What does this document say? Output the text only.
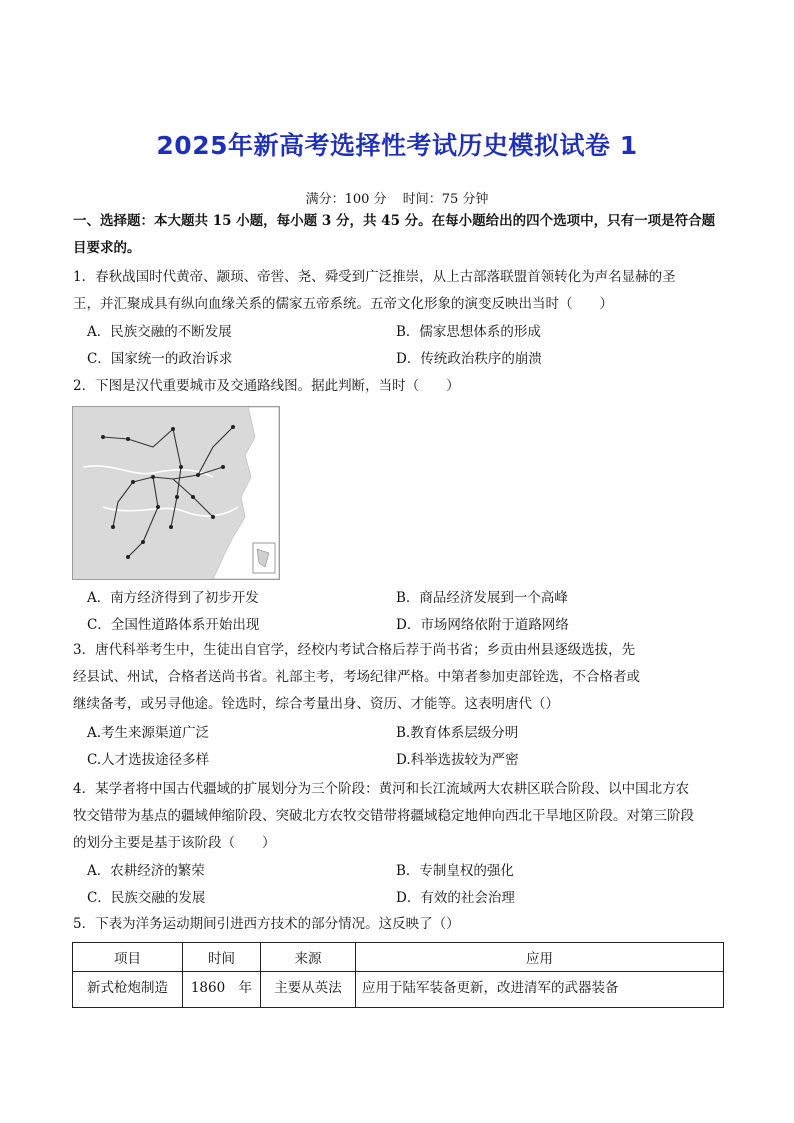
2025年新高考选择性考试历史模拟试卷 1
满分：100 分 时间：75 分钟
一、选择题：本大题共 15 小题，每小题 3 分，共 45 分。在每小题给出的四个选项中，只有一项是符合题
目要求的。
1．春秋战国时代黄帝、颛顼、帝喾、尧、舜受到广泛推崇，从上古部落联盟首领转化为声名显赫的圣
王，并汇聚成具有纵向血缘关系的儒家五帝系统。五帝文化形象的演变反映出当时（　　）
A．民族交融的不断发展	B．儒家思想体系的形成
C．国家统一的政治诉求	D．传统政治秩序的崩溃
2．下图是汉代重要城市及交通路线图。据此判断，当时（　　）
A．南方经济得到了初步开发	B．商品经济发展到一个高峰
C．全国性道路体系开始出现	D．市场网络依附于道路网络
3．唐代科举考生中，生徒出自官学，经校内考试合格后荐于尚书省；乡贡由州县逐级选拔，先
经县试、州试，合格者送尚书省。礼部主考，考场纪律严格。中第者参加吏部铨选，不合格者或
继续备考，或另寻他途。铨选时，综合考量出身、资历、才能等。这表明唐代（）
A.考生来源渠道广泛	B.教育体系层级分明
C.人才选拔途径多样	D.科举选拔较为严密
4．某学者将中国古代疆域的扩展划分为三个阶段：黄河和长江流域两大农耕区联合阶段、以中国北方农
牧交错带为基点的疆域伸缩阶段、突破北方农牧交错带将疆域稳定地伸向西北干旱地区阶段。对第三阶段
的划分主要是基于该阶段（　　）
A．农耕经济的繁荣	B．专制皇权的强化
C．民族交融的发展	D．有效的社会治理
5．下表为洋务运动期间引进西方技术的部分情况。这反映了（）
项目	时间	来源	应用
新式枪炮制造	1860　年	主要从英法	应用于陆军装备更新，改进清军的武器装备
